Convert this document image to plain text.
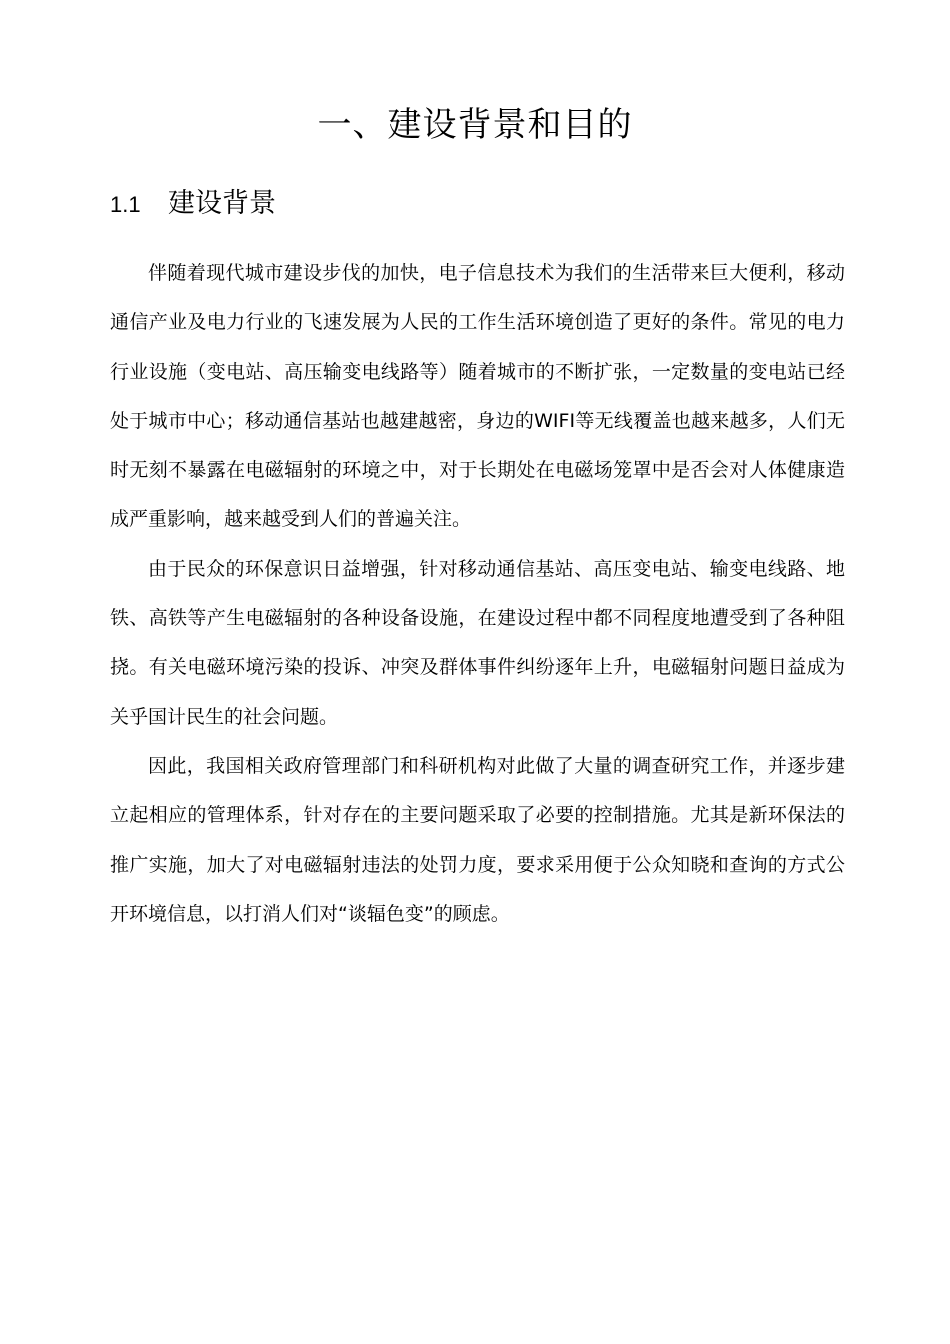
一、建设背景和目的
1.1 建设背景

伴随着现代城市建设步伐的加快，电子信息技术为我们的生活带来巨大便利，移动通信产业及电力行业的飞速发展为人民的工作生活环境创造了更好的条件。常见的电力行业设施（变电站、高压输变电线路等）随着城市的不断扩张，一定数量的变电站已经处于城市中心；移动通信基站也越建越密，身边的WIFI等无线覆盖也越来越多，人们无时无刻不暴露在电磁辐射的环境之中，对于长期处在电磁场笼罩中是否会对人体健康造成严重影响，越来越受到人们的普遍关注。

由于民众的环保意识日益增强，针对移动通信基站、高压变电站、输变电线路、地铁、高铁等产生电磁辐射的各种设备设施，在建设过程中都不同程度地遭受到了各种阻挠。有关电磁环境污染的投诉、冲突及群体事件纠纷逐年上升，电磁辐射问题日益成为关乎国计民生的社会问题。

因此，我国相关政府管理部门和科研机构对此做了大量的调查研究工作，并逐步建立起相应的管理体系，针对存在的主要问题采取了必要的控制措施。尤其是新环保法的推广实施，加大了对电磁辐射违法的处罚力度，要求采用便于公众知晓和查询的方式公开环境信息，以打消人们对“谈辐色变”的顾虑。
